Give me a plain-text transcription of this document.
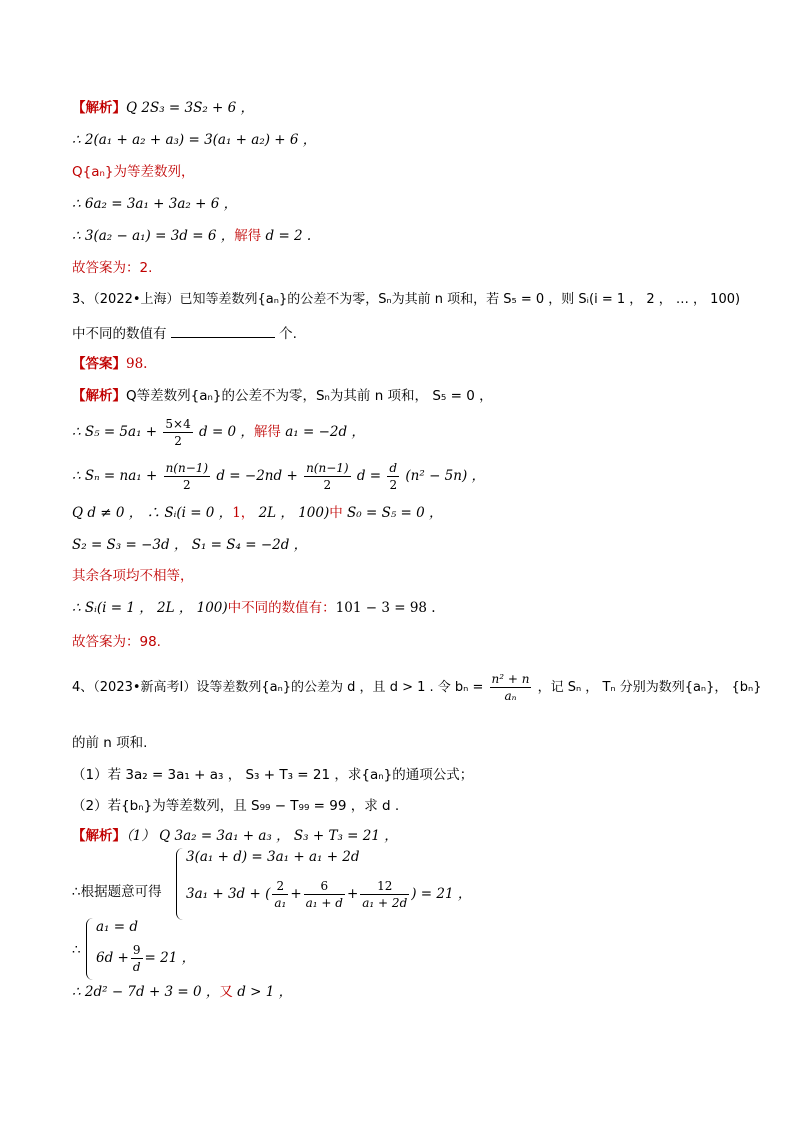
【解析】Q 2S₃ = 3S₂ + 6 ，
∴ 2(a₁ + a₂ + a₃) = 3(a₁ + a₂) + 6 ，
Q{aₙ}为等差数列，
∴ 6a₂ = 3a₁ + 3a₂ + 6 ，
∴ 3(a₂ − a₁) = 3d = 6 ，解得 d = 2 .
故答案为：2.
3、（2022•上海）已知等差数列{aₙ}的公差不为零，Sₙ为其前 n 项和，若 S₅ = 0 ，则 Sᵢ(i = 1 ， 2 ， … ， 100)
中不同的数值有	个.
【答案】98.
【解析】Q等差数列{aₙ}的公差不为零，Sₙ为其前 n 项和， S₅ = 0 ，
∴ $S_5 = 5a_1 + \frac{5\times 4}{2}$ d = 0 ，解得 a₁ = −2d ，
∴ $S_n = na_1 + \frac{n(n-1)}{2}$ $d = -2nd + \frac{n(n-1)}{2}$ $d = \frac{d}{2} (n^2 - 5n)$ ，
Q d ≠ 0 ， ∴ Sᵢ(i = 0 ，1， 2L ， 100)中 S₀ = S₅ = 0 ，
S₂ = S₃ = −3d ， S₁ = S₄ = −2d ，
其余各项均不相等，
∴ Sᵢ(i = 1 ， 2L ， 100)中不同的数值有：101 − 3 = 98 .
故答案为：98.
4、（2023•新高考Ⅰ）设等差数列{aₙ}的公差为 d ，且 d > 1 . 令 $b_n = \frac{\text{n² + n}}{\text{aₙ}}$ ，记 Sₙ ， Tₙ 分别为数列{aₙ}， {bₙ}
的前 n 项和.
（1）若 3a₂ = 3a₁ + a₃ ， S₃ + T₃ = 21 ，求{aₙ}的通项公式；
（2）若{bₙ}为等差数列，且 S₉₉ − T₉₉ = 99 ，求 d .
【解析】（1） Q 3a₂ = 3a₁ + a₃ ， S₃ + T₃ = 21 ，
∴根据题意可得
3(a₁ + d) = 3a₁ + a₁ + 2d
3a₁ + 3d + ( $\frac{2}{\text{a₁}} + \frac{6}{\text{a₁ + d}} + \frac{12}{\text{a₁ + 2d}}$ ) = 21 ，
∴
a₁ = d
$6d + \frac{9}{d} = 21$ ，
∴ 2d² − 7d + 3 = 0 ，又 d > 1 ，
